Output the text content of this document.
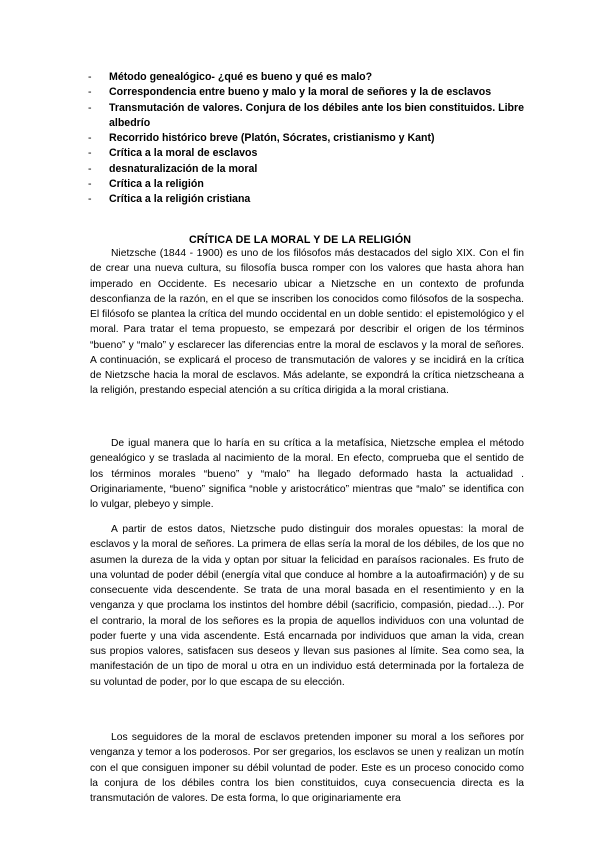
- Método genealógico- ¿qué es bueno y qué es malo?
- Correspondencia entre bueno y malo y la moral de señores y la de esclavos
- Transmutación de valores. Conjura de los débiles ante los bien constituidos. Libre albedrío
- Recorrido histórico breve (Platón, Sócrates, cristianismo y Kant)
- Crítica a la moral de esclavos
- desnaturalización de la moral
- Crítica a la religión
- Crítica a la religión cristiana
CRÍTICA DE LA MORAL Y DE LA RELIGIÓN

Nietzsche (1844 - 1900) es uno de los filósofos más destacados del siglo XIX. Con el fin de crear una nueva cultura, su filosofía busca romper con los valores que hasta ahora han imperado en Occidente. Es necesario ubicar a Nietzsche en un contexto de profunda desconfianza de la razón, en el que se inscriben los conocidos como filósofos de la sospecha. El filósofo se plantea la crítica del mundo occidental en un doble sentido: el epistemológico y el moral. Para tratar el tema propuesto, se empezará por describir el origen de los términos “bueno” y “malo” y esclarecer las diferencias entre la moral de esclavos y la moral de señores. A continuación, se explicará el proceso de transmutación de valores y se incidirá en la crítica de Nietzsche hacia la moral de esclavos. Más adelante, se expondrá la crítica nietzscheana a la religión, prestando especial atención a su crítica dirigida a la moral cristiana.

De igual manera que lo haría en su crítica a la metafísica, Nietzsche emplea el método genealógico y se traslada al nacimiento de la moral. En efecto, comprueba que el sentido de los términos morales “bueno” y “malo” ha llegado deformado hasta la actualidad . Originariamente, “bueno” significa “noble y aristocrático” mientras que “malo” se identifica con lo vulgar, plebeyo y simple.

A partir de estos datos, Nietzsche pudo distinguir dos morales opuestas: la moral de esclavos y la moral de señores. La primera de ellas sería la moral de los débiles, de los que no asumen la dureza de la vida y optan por situar la felicidad en paraísos racionales. Es fruto de una voluntad de poder débil (energía vital que conduce al hombre a la autoafirmación) y de su consecuente vida descendente. Se trata de una moral basada en el resentimiento y en la venganza y que proclama los instintos del hombre débil (sacrificio, compasión, piedad…). Por el contrario, la moral de los señores es la propia de aquellos individuos con una voluntad de poder fuerte y una vida ascendente. Está encarnada por individuos que aman la vida, crean sus propios valores, satisfacen sus deseos y llevan sus pasiones al límite. Sea como sea, la manifestación de un tipo de moral u otra en un individuo está determinada por la fortaleza de su voluntad de poder, por lo que escapa de su elección.

Los seguidores de la moral de esclavos pretenden imponer su moral a los señores por venganza y temor a los poderosos. Por ser gregarios, los esclavos se unen y realizan un motín con el que consiguen imponer su débil voluntad de poder. Este es un proceso conocido como la conjura de los débiles contra los bien constituidos, cuya consecuencia directa es la transmutación de valores. De esta forma, lo que originariamente era
